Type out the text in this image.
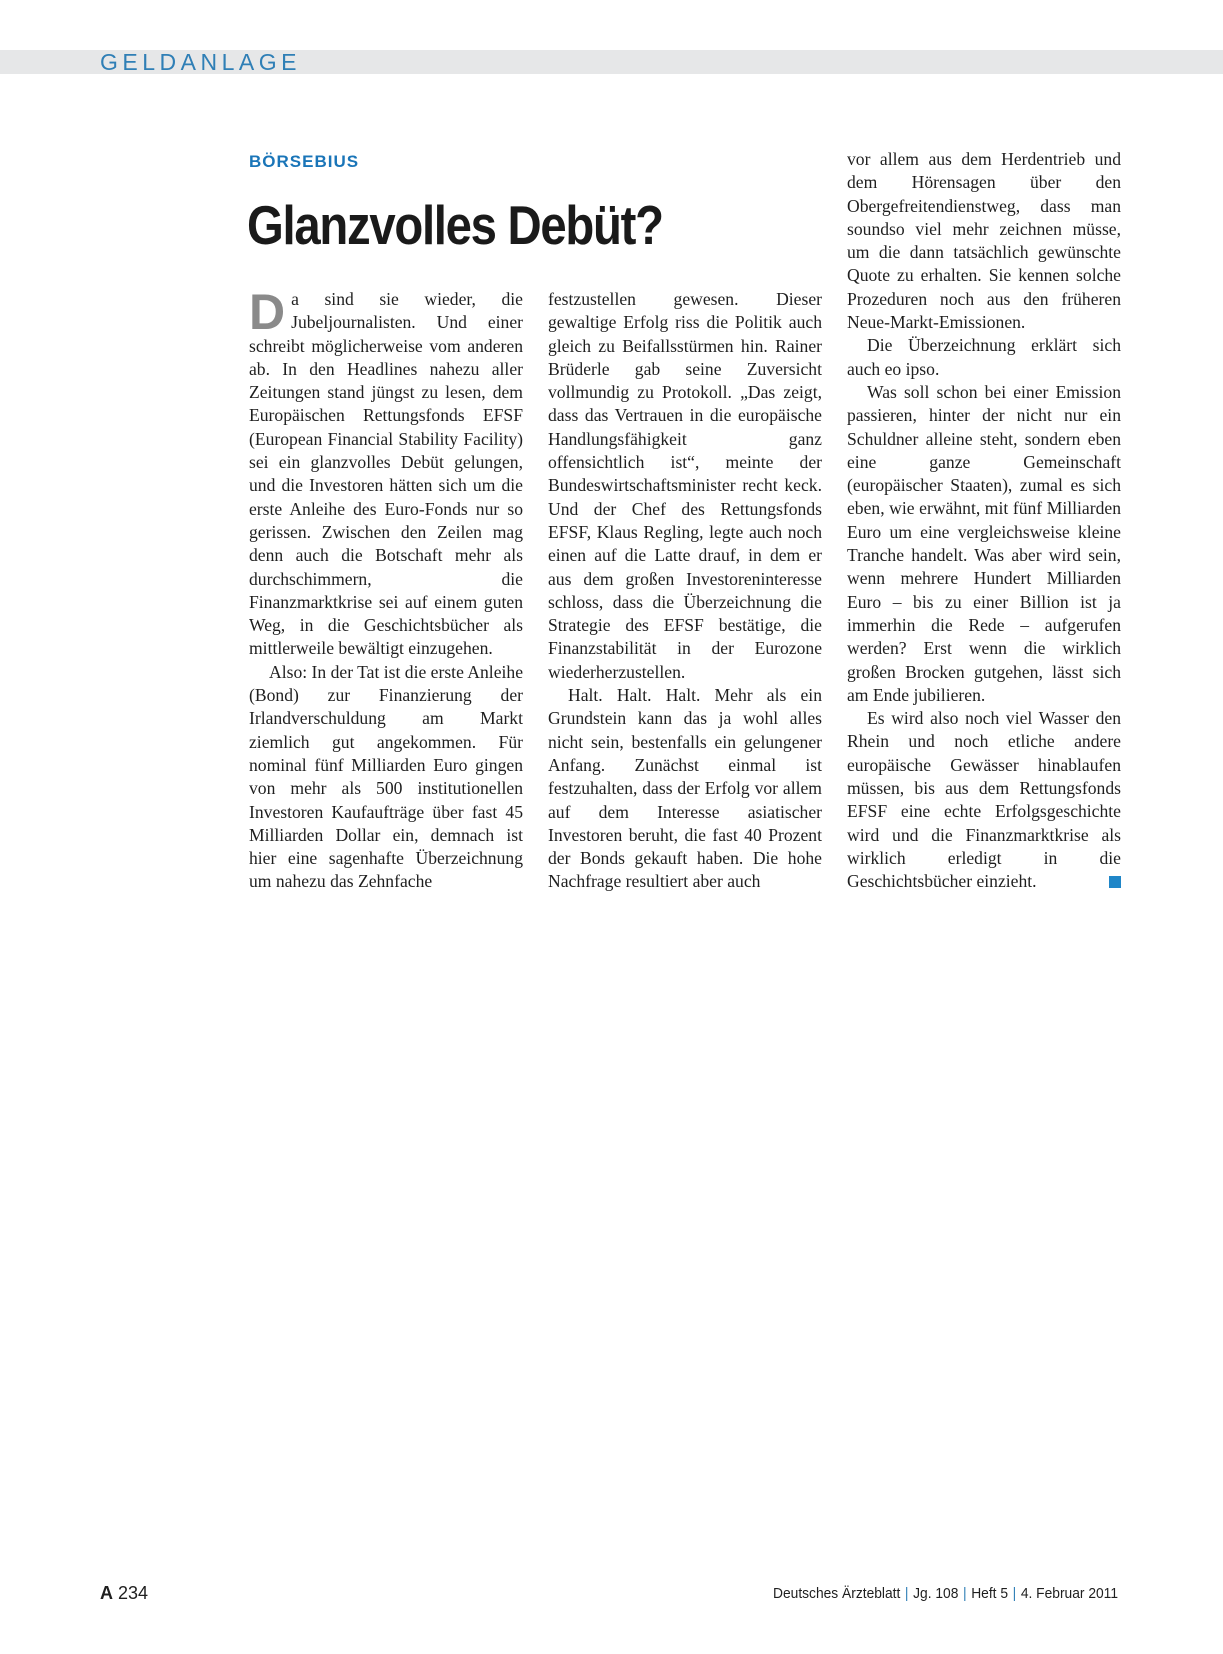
GELDANLAGE
BÖRSEBIUS
Glanzvolles Debüt?

Da sind sie wieder, die Jubeljournalisten. Und einer schreibt möglicherweise vom anderen ab. In den Headlines nahezu aller Zeitungen stand jüngst zu lesen, dem Europäischen Rettungsfonds EFSF (European Financial Stability Facility) sei ein glanzvolles Debüt gelungen, und die Investoren hätten sich um die erste Anleihe des Euro-Fonds nur so gerissen. Zwischen den Zeilen mag denn auch die Botschaft mehr als durchschimmern, die Finanzmarktkrise sei auf einem guten Weg, in die Geschichtsbücher als mittlerweile bewältigt einzugehen.

Also: In der Tat ist die erste Anleihe (Bond) zur Finanzierung der Irlandverschuldung am Markt ziemlich gut angekommen. Für nominal fünf Milliarden Euro gingen von mehr als 500 institutionellen Investoren Kaufaufträge über fast 45 Milliarden Dollar ein, demnach ist hier eine sagenhafte Überzeichnung um nahezu das Zehnfache

festzustellen gewesen. Dieser gewaltige Erfolg riss die Politik auch gleich zu Beifallsstürmen hin. Rainer Brüderle gab seine Zuversicht vollmundig zu Protokoll. „Das zeigt, dass das Vertrauen in die europäische Handlungsfähigkeit ganz offensichtlich ist“, meinte der Bundeswirtschaftsminister recht keck. Und der Chef des Rettungsfonds EFSF, Klaus Regling, legte auch noch einen auf die Latte drauf, in dem er aus dem großen Investoreninteresse schloss, dass die Überzeichnung die Strategie des EFSF bestätige, die Finanzstabilität in der Eurozone wiederherzustellen.

Halt. Halt. Halt. Mehr als ein Grundstein kann das ja wohl alles nicht sein, bestenfalls ein gelungener Anfang. Zunächst einmal ist festzuhalten, dass der Erfolg vor allem auf dem Interesse asiatischer Investoren beruht, die fast 40 Prozent der Bonds gekauft haben. Die hohe Nachfrage resultiert aber auch

vor allem aus dem Herdentrieb und dem Hörensagen über den Obergefreitendienstweg, dass man soundso viel mehr zeichnen müsse, um die dann tatsächlich gewünschte Quote zu erhalten. Sie kennen solche Prozeduren noch aus den früheren Neue-Markt-Emissionen.

Die Überzeichnung erklärt sich auch eo ipso.

Was soll schon bei einer Emission passieren, hinter der nicht nur ein Schuldner alleine steht, sondern eben eine ganze Gemeinschaft (europäischer Staaten), zumal es sich eben, wie erwähnt, mit fünf Milliarden Euro um eine vergleichsweise kleine Tranche handelt. Was aber wird sein, wenn mehrere Hundert Milliarden Euro – bis zu einer Billion ist ja immerhin die Rede – aufgerufen werden? Erst wenn die wirklich großen Brocken gutgehen, lässt sich am Ende jubilieren.

Es wird also noch viel Wasser den Rhein und noch etliche andere europäische Gewässer hinablaufen müssen, bis aus dem Rettungsfonds EFSF eine echte Erfolgsgeschichte wird und die Finanzmarktkrise als wirklich erledigt in die Geschichtsbücher einzieht.

A 234	Deutsches Ärzteblatt | Jg. 108 | Heft 5 | 4. Februar 2011
